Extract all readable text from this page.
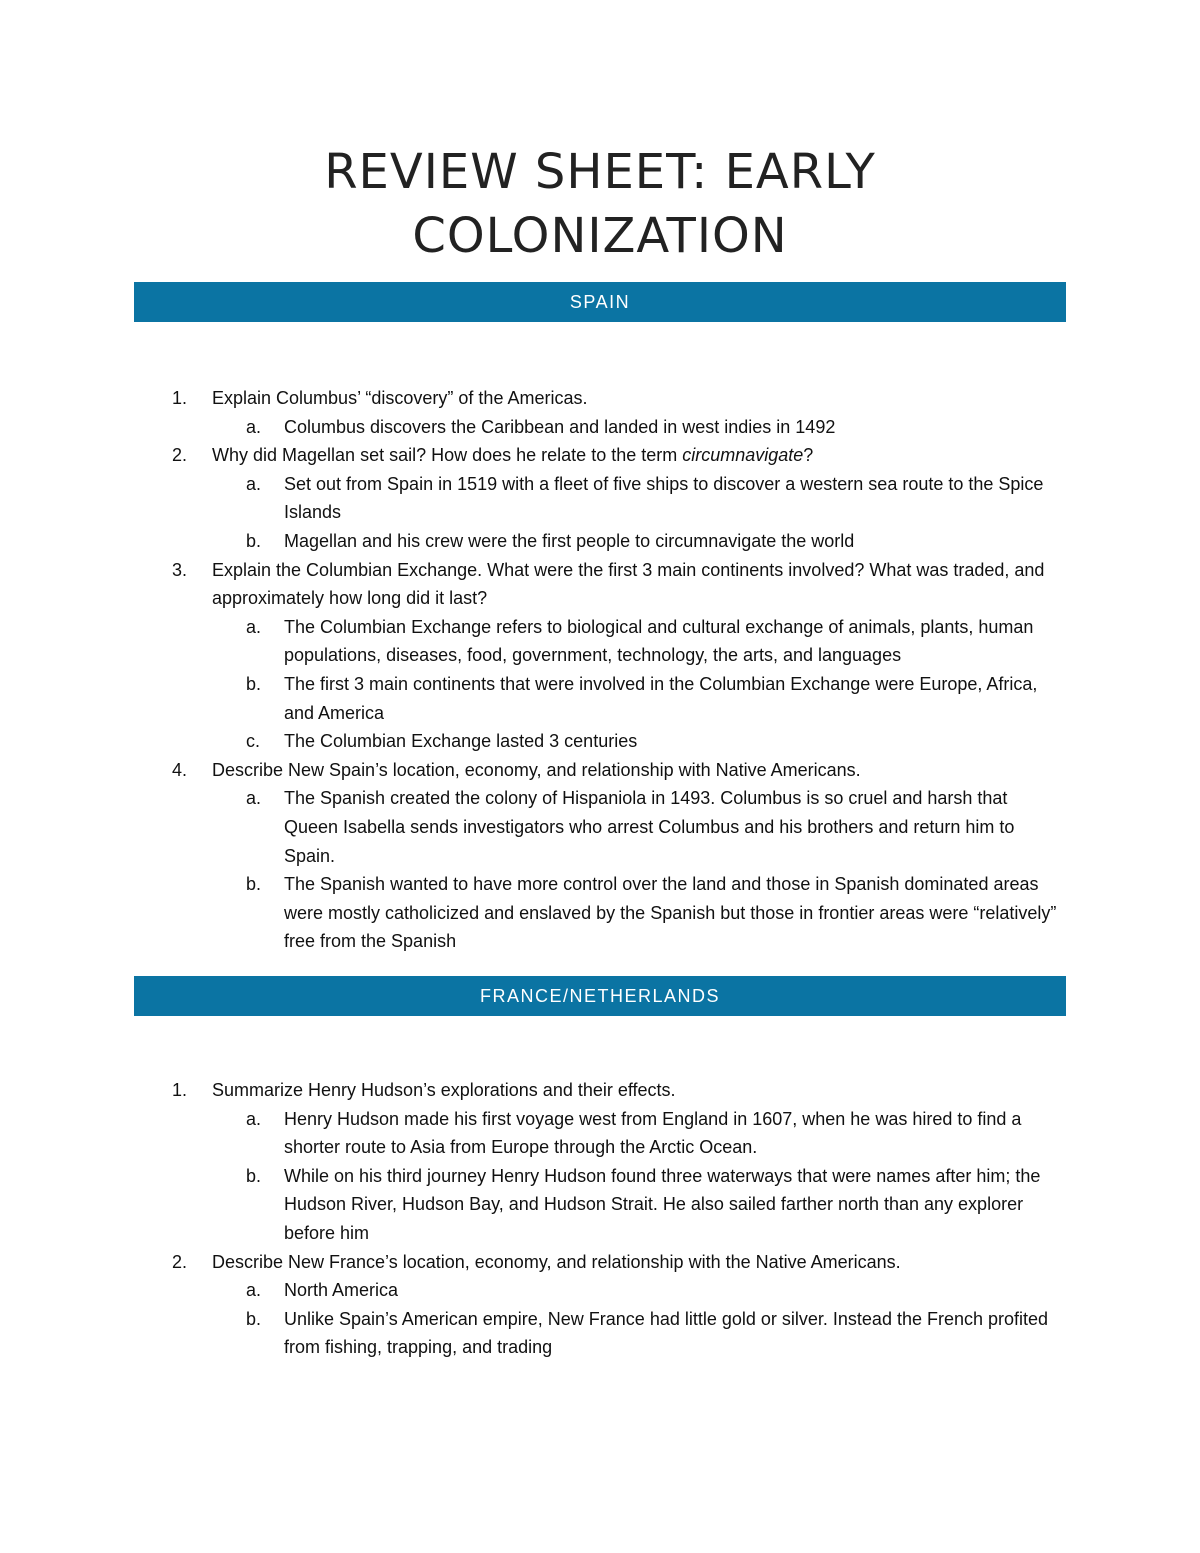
REVIEW SHEET: EARLY
COLONIZATION
SPAIN
1. Explain Columbus’ “discovery” of the Americas.
a. Columbus discovers the Caribbean and landed in west indies in 1492
2. Why did Magellan set sail? How does he relate to the term circumnavigate?
a. Set out from Spain in 1519 with a fleet of five ships to discover a western sea route to the Spice Islands
b. Magellan and his crew were the first people to circumnavigate the world
3. Explain the Columbian Exchange. What were the first 3 main continents involved? What was traded, and approximately how long did it last?
a. The Columbian Exchange refers to biological and cultural exchange of animals, plants, human populations, diseases, food, government, technology, the arts, and languages
b. The first 3 main continents that were involved in the Columbian Exchange were Europe, Africa, and America
c. The Columbian Exchange lasted 3 centuries
4. Describe New Spain’s location, economy, and relationship with Native Americans.
a. The Spanish created the colony of Hispaniola in 1493. Columbus is so cruel and harsh that Queen Isabella sends investigators who arrest Columbus and his brothers and return him to Spain.
b. The Spanish wanted to have more control over the land and those in Spanish dominated areas were mostly catholicized and enslaved by the Spanish but those in frontier areas were “relatively” free from the Spanish
FRANCE/NETHERLANDS
1. Summarize Henry Hudson’s explorations and their effects.
a. Henry Hudson made his first voyage west from England in 1607, when he was hired to find a shorter route to Asia from Europe through the Arctic Ocean.
b. While on his third journey Henry Hudson found three waterways that were names after him; the Hudson River, Hudson Bay, and Hudson Strait. He also sailed farther north than any explorer before him
2. Describe New France’s location, economy, and relationship with the Native Americans.
a. North America
b. Unlike Spain’s American empire, New France had little gold or silver. Instead the French profited from fishing, trapping, and trading
